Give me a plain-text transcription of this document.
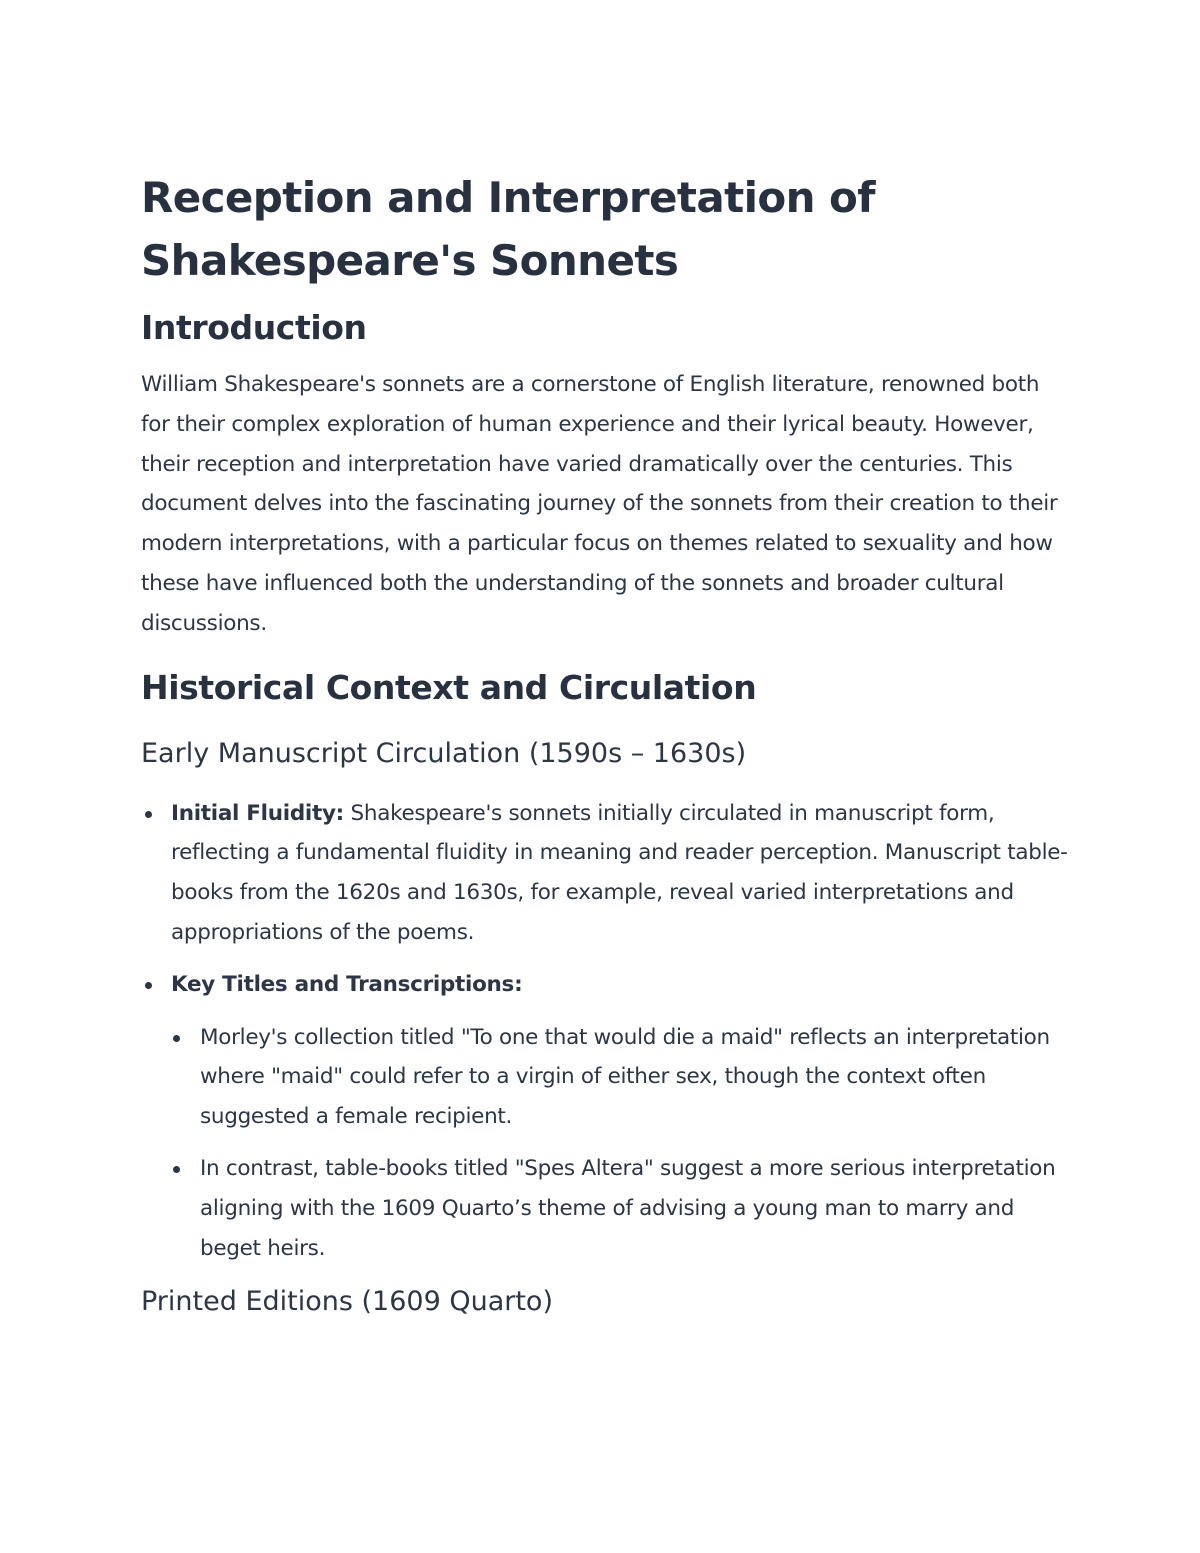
Reception and Interpretation of
Shakespeare's Sonnets
Introduction

William Shakespeare's sonnets are a cornerstone of English literature, renowned both for their complex exploration of human experience and their lyrical beauty. However, their reception and interpretation have varied dramatically over the centuries. This document delves into the fascinating journey of the sonnets from their creation to their modern interpretations, with a particular focus on themes related to sexuality and how these have influenced both the understanding of the sonnets and broader cultural discussions.

Historical Context and Circulation
Early Manuscript Circulation (1590s – 1630s)
Initial Fluidity: Shakespeare's sonnets initially circulated in manuscript form, reflecting a fundamental fluidity in meaning and reader perception. Manuscript table-books from the 1620s and 1630s, for example, reveal varied interpretations and appropriations of the poems.
Key Titles and Transcriptions:
Morley's collection titled "To one that would die a maid" reflects an interpretation where "maid" could refer to a virgin of either sex, though the context often suggested a female recipient.
In contrast, table-books titled "Spes Altera" suggest a more serious interpretation aligning with the 1609 Quarto’s theme of advising a young man to marry and beget heirs.
Printed Editions (1609 Quarto)
